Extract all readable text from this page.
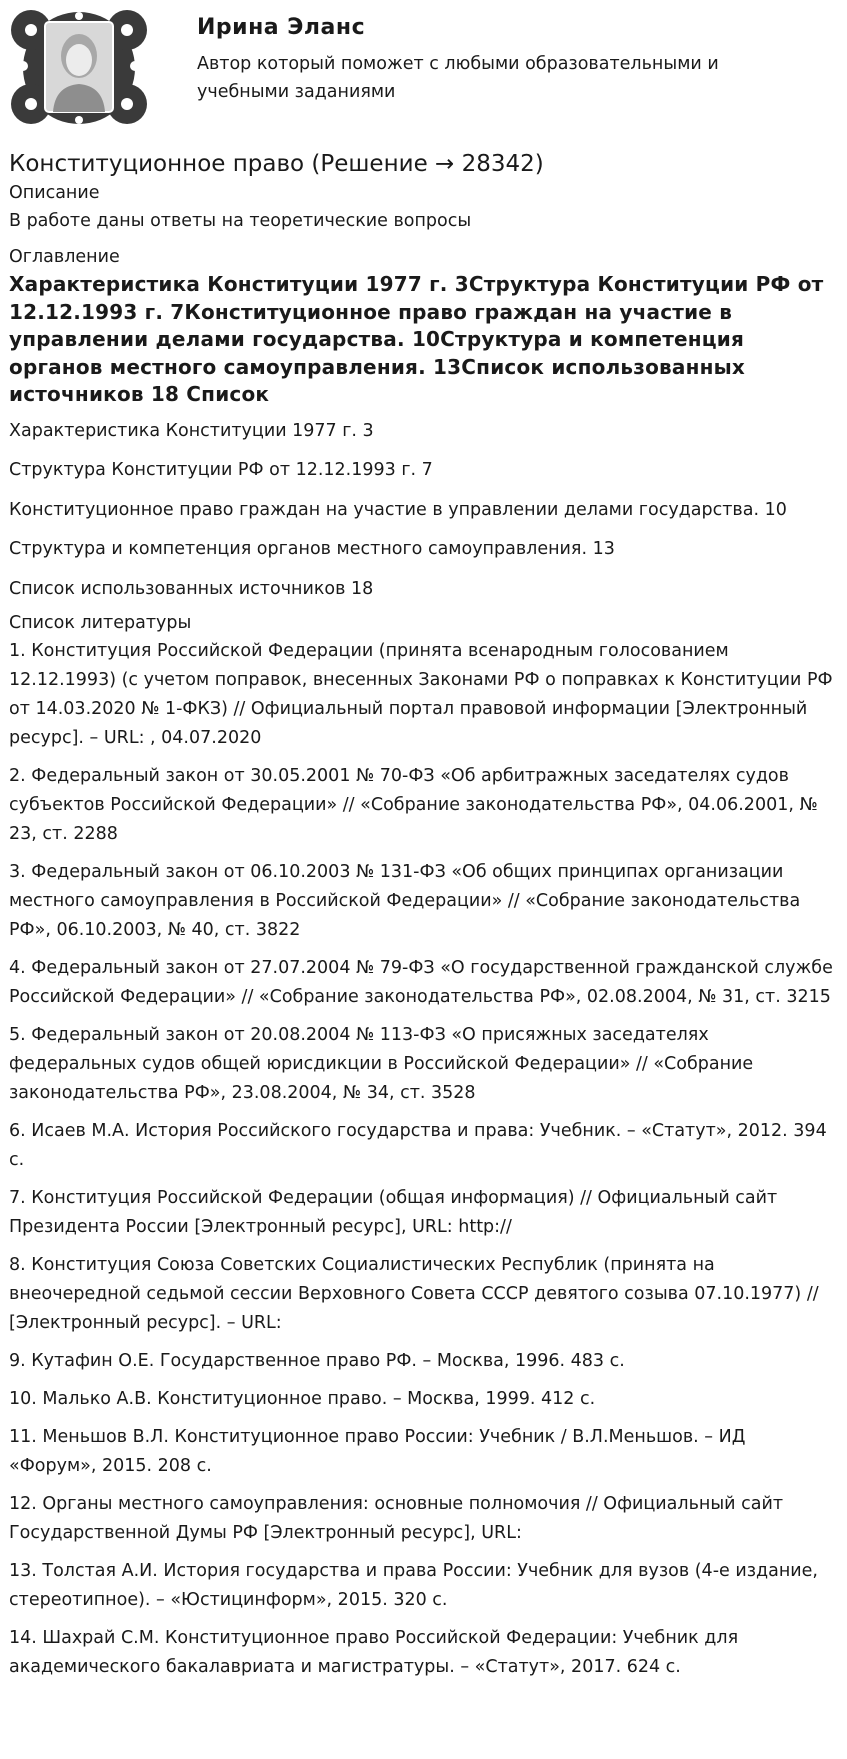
Ирина Эланс
Автор который поможет с любыми образовательными и учебными заданиями
Конституционное право (Решение → 28342)
Описание
В работе даны ответы на теоретические вопросы
Оглавление
Характеристика Конституции 1977 г. 3Структура Конституции РФ от 12.12.1993 г. 7Конституционное право граждан на участие в управлении делами государства. 10Структура и компетенция органов местного самоуправления. 13Список использованных источников 18 Список
Характеристика Конституции 1977 г. 3
Структура Конституции РФ от 12.12.1993 г. 7
Конституционное право граждан на участие в управлении делами государства. 10
Структура и компетенция органов местного самоуправления. 13
Список использованных источников 18
Список литературы
1. Конституция Российской Федерации (принята всенародным голосованием 12.12.1993) (с учетом поправок, внесенных Законами РФ о поправках к Конституции РФ от 14.03.2020 № 1-ФКЗ) // Официальный портал правовой информации [Электронный ресурс]. – URL: , 04.07.2020
2. Федеральный закон от 30.05.2001 № 70-ФЗ «Об арбитражных заседателях судов субъектов Российской Федерации» // «Собрание законодательства РФ», 04.06.2001, № 23, ст. 2288
3. Федеральный закон от 06.10.2003 № 131-ФЗ «Об общих принципах организации местного самоуправления в Российской Федерации» // «Собрание законодательства РФ», 06.10.2003, № 40, ст. 3822
4. Федеральный закон от 27.07.2004 № 79-ФЗ «О государственной гражданской службе Российской Федерации» // «Собрание законодательства РФ», 02.08.2004, № 31, ст. 3215
5. Федеральный закон от 20.08.2004 № 113-ФЗ «О присяжных заседателях федеральных судов общей юрисдикции в Российской Федерации» // «Собрание законодательства РФ», 23.08.2004, № 34, ст. 3528
6. Исаев М.А. История Российского государства и права: Учебник. – «Статут», 2012. 394 с.
7. Конституция Российской Федерации (общая информация) // Официальный сайт Президента России [Электронный ресурс], URL: http://
8. Конституция Союза Советских Социалистических Республик (принята на внеочередной седьмой сессии Верховного Совета СССР девятого созыва 07.10.1977) // [Электронный ресурс]. – URL:
9. Кутафин О.Е. Государственное право РФ. – Москва, 1996. 483 с.
10. Малько А.В. Конституционное право. – Москва, 1999. 412 с.
11. Меньшов В.Л. Конституционное право России: Учебник / В.Л.Меньшов. – ИД «Форум», 2015. 208 с.
12. Органы местного самоуправления: основные полномочия // Официальный сайт Государственной Думы РФ [Электронный ресурс], URL:
13. Толстая А.И. История государства и права России: Учебник для вузов (4-е издание, стереотипное). – «Юстицинформ», 2015. 320 с.
14. Шахрай С.М. Конституционное право Российской Федерации: Учебник для академического бакалавриата и магистратуры. – «Статут», 2017. 624 с.
